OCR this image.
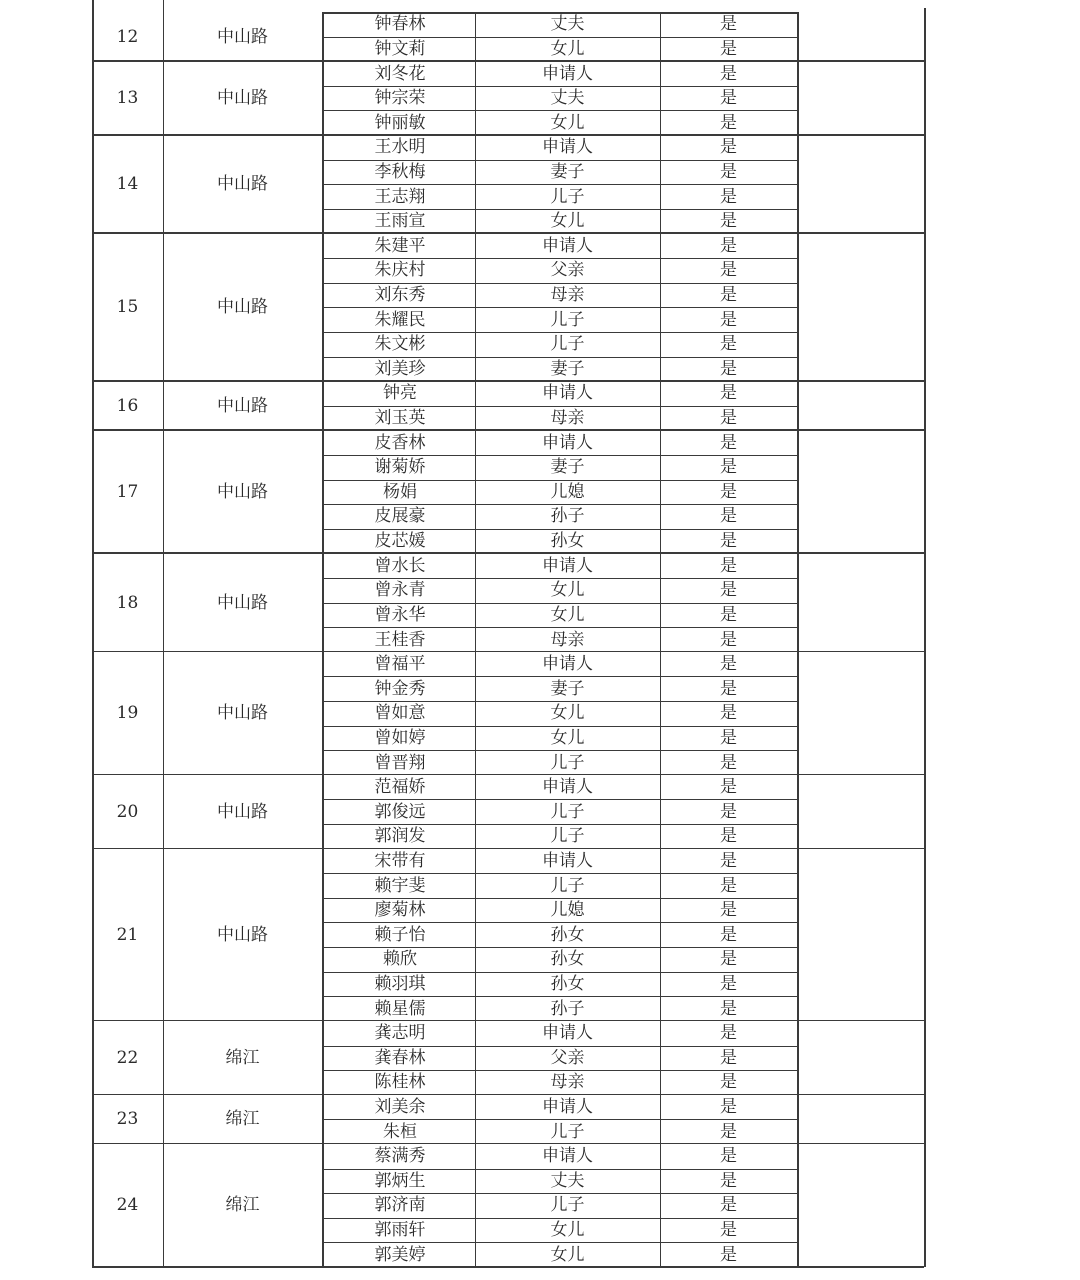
12	中山路
钟春林	丈夫	是
钟文莉	女儿	是
13	中山路
刘冬花	申请人	是
钟宗荣	丈夫	是
钟丽敏	女儿	是
14	中山路
王水明	申请人	是
李秋梅	妻子	是
王志翔	儿子	是
王雨宣	女儿	是
15	中山路
朱建平	申请人	是
朱庆村	父亲	是
刘东秀	母亲	是
朱耀民	儿子	是
朱文彬	儿子	是
刘美珍	妻子	是
16	中山路
钟亮	申请人	是
刘玉英	母亲	是
17	中山路
皮香林	申请人	是
谢菊娇	妻子	是
杨娟	儿媳	是
皮展豪	孙子	是
皮芯媛	孙女	是
18	中山路
曾水长	申请人	是
曾永青	女儿	是
曾永华	女儿	是
王桂香	母亲	是
19	中山路
曾福平	申请人	是
钟金秀	妻子	是
曾如意	女儿	是
曾如婷	女儿	是
曾晋翔	儿子	是
20	中山路
范福娇	申请人	是
郭俊远	儿子	是
郭润发	儿子	是
21	中山路
宋带有	申请人	是
赖宇斐	儿子	是
廖菊林	儿媳	是
赖子怡	孙女	是
赖欣	孙女	是
赖羽琪	孙女	是
赖星儒	孙子	是
22	绵江
龚志明	申请人	是
龚春林	父亲	是
陈桂林	母亲	是
23	绵江
刘美余	申请人	是
朱桓	儿子	是
24	绵江
蔡满秀	申请人	是
郭炳生	丈夫	是
郭济南	儿子	是
郭雨轩	女儿	是
郭美婷	女儿	是
